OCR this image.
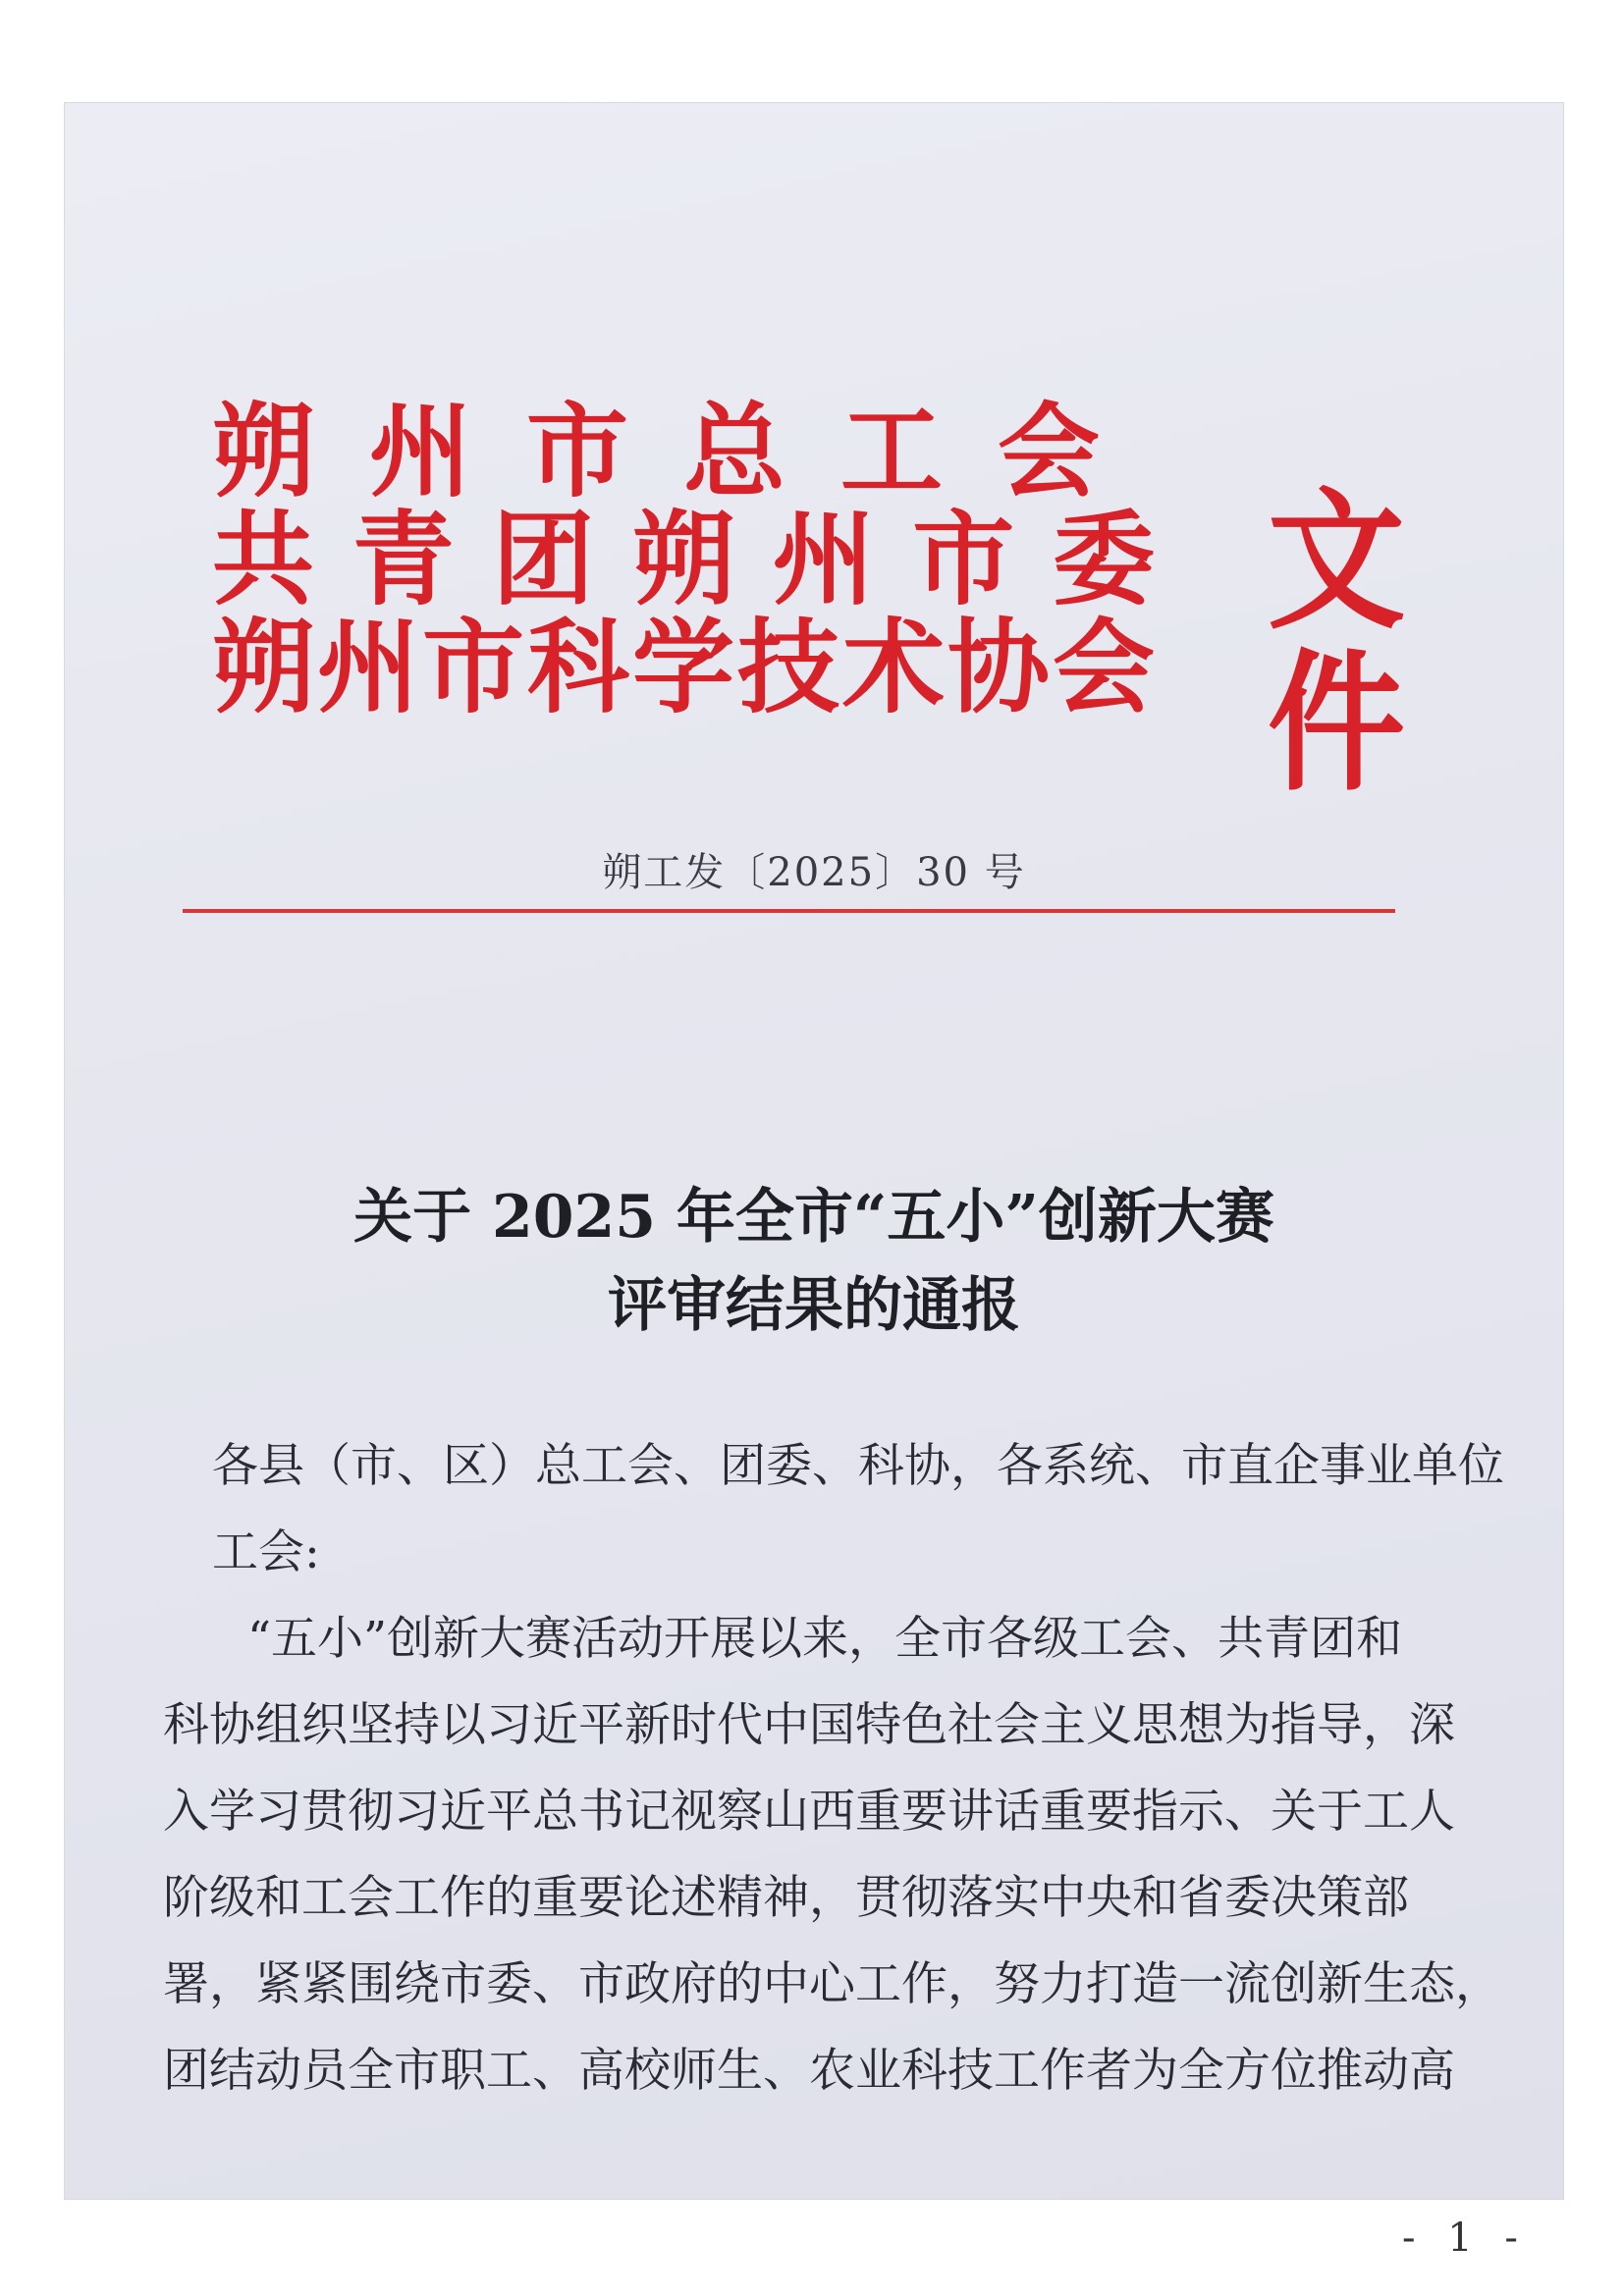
朔 州 市 总 工 会
共 青 团 朔 州 市 委
朔 州 市 科 学 技 术 协 会
文件
朔工发〔2025〕30 号
关于 2025 年全市“五小”创新大赛
评审结果的通报

各县（市、区）总工会、团委、科协，各系统、市直企事业单位

工会:

“五小”创新大赛活动开展以来，全市各级工会、共青团和

科协组织坚持以习近平新时代中国特色社会主义思想为指导，深

入学习贯彻习近平总书记视察山西重要讲话重要指示、关于工人

阶级和工会工作的重要论述精神，贯彻落实中央和省委决策部

署，紧紧围绕市委、市政府的中心工作，努力打造一流创新生态，

团结动员全市职工、高校师生、农业科技工作者为全方位推动高

- 1 -
